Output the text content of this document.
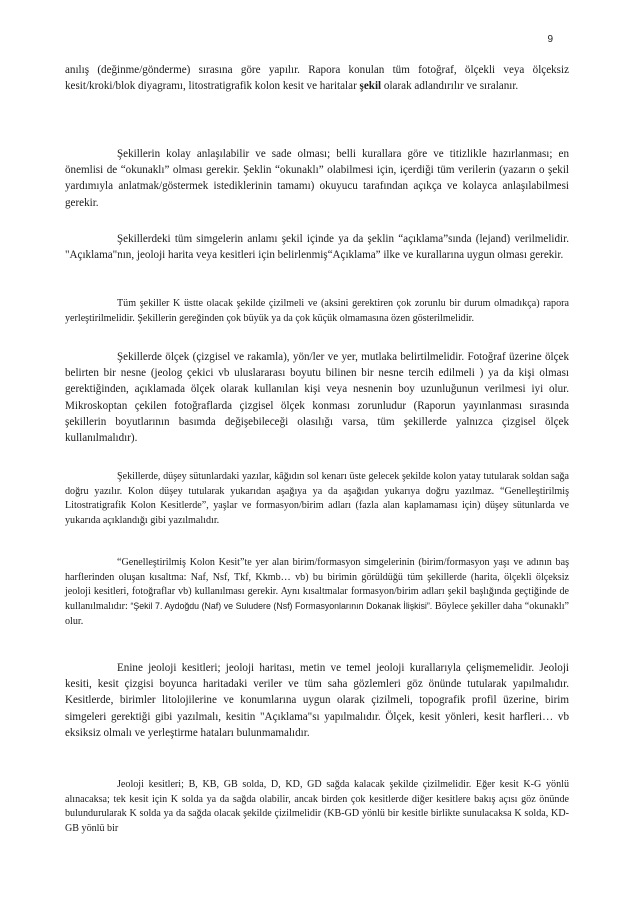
9

anılış (değinme/gönderme) sırasına göre yapılır. Rapora konulan tüm fotoğraf, ölçekli veya ölçeksiz kesit/kroki/blok diyagramı, litostratigrafik kolon kesit ve haritalar şekil olarak adlandırılır ve sıralanır.

Şekillerin kolay anlaşılabilir ve sade olması; belli kurallara göre ve titizlikle hazırlanması; en önemlisi de “okunaklı” olması gerekir. Şeklin “okunaklı” olabilmesi için, içerdiği tüm verilerin (yazarın o şekil yardımıyla anlatmak/göstermek istediklerinin tamamı) okuyucu tarafından açıkça ve kolayca anlaşılabilmesi gerekir.

Şekillerdeki tüm simgelerin anlamı şekil içinde ya da şeklin “açıklama”sında (lejand) verilmelidir. "Açıklama"nın, jeoloji harita veya kesitleri için belirlenmiş“Açıklama” ilke ve kurallarına uygun olması gerekir.

Tüm şekiller K üstte olacak şekilde çizilmeli ve (aksini gerektiren çok zorunlu bir durum olmadıkça) rapora yerleştirilmelidir. Şekillerin gereğinden çok büyük ya da çok küçük olmamasına özen gösterilmelidir.

Şekillerde ölçek (çizgisel ve rakamla), yön/ler ve yer, mutlaka belirtilmelidir. Fotoğraf üzerine ölçek belirten bir nesne (jeolog çekici vb uluslararası boyutu bilinen bir nesne tercih edilmeli ) ya da kişi olması gerektiğinden, açıklamada ölçek olarak kullanılan kişi veya nesnenin boy uzunluğunun verilmesi iyi olur. Mikroskoptan çekilen fotoğraflarda çizgisel ölçek konması zorunludur (Raporun yayınlanması sırasında şekillerin boyutlarının basımda değişebileceği olasılığı varsa, tüm şekillerde yalnızca çizgisel ölçek kullanılmalıdır).

Şekillerde, düşey sütunlardaki yazılar, kâğıdın sol kenarı üste gelecek şekilde kolon yatay tutularak soldan sağa doğru yazılır. Kolon düşey tutularak yukarıdan aşağıya ya da aşağıdan yukarıya doğru yazılmaz. “Genelleştirilmiş Litostratigrafik Kolon Kesitlerde”, yaşlar ve formasyon/birim adları (fazla alan kaplamaması için) düşey sütunlarda ve yukarıda açıklandığı gibi yazılmalıdır.

“Genelleştirilmiş Kolon Kesit”te yer alan birim/formasyon simgelerinin (birim/formasyon yaşı ve adının baş harflerinden oluşan kısaltma: Naf, Nsf, Tkf, Kkmb… vb) bu birimin görüldüğü tüm şekillerde (harita, ölçekli ölçeksiz jeoloji kesitleri, fotoğraflar vb) kullanılması gerekir. Aynı kısaltmalar formasyon/birim adları şekil başlığında geçtiğinde de kullanılmalıdır: “Şekil 7. Aydoğdu (Naf) ve Suludere (Nsf) Formasyonlarının Dokanak İlişkisi”. Böylece şekiller daha “okunaklı” olur.

Enine jeoloji kesitleri; jeoloji haritası, metin ve temel jeoloji kurallarıyla çelişmemelidir. Jeoloji kesiti, kesit çizgisi boyunca haritadaki veriler ve tüm saha gözlemleri göz önünde tutularak yapılmalıdır. Kesitlerde, birimler litolojilerine ve konumlarına uygun olarak çizilmeli, topografik profil üzerine, birim simgeleri gerektiği gibi yazılmalı, kesitin "Açıklama"sı yapılmalıdır. Ölçek, kesit yönleri, kesit harfleri… vb eksiksiz olmalı ve yerleştirme hataları bulunmamalıdır.

Jeoloji kesitleri; B, KB, GB solda, D, KD, GD sağda kalacak şekilde çizilmelidir. Eğer kesit K-G yönlü alınacaksa; tek kesit için K solda ya da sağda olabilir, ancak birden çok kesitlerde diğer kesitlere bakış açısı göz önünde bulundurularak K solda ya da sağda olacak şekilde çizilmelidir (KB-GD yönlü bir kesitle birlikte sunulacaksa K solda, KD-GB yönlü bir
